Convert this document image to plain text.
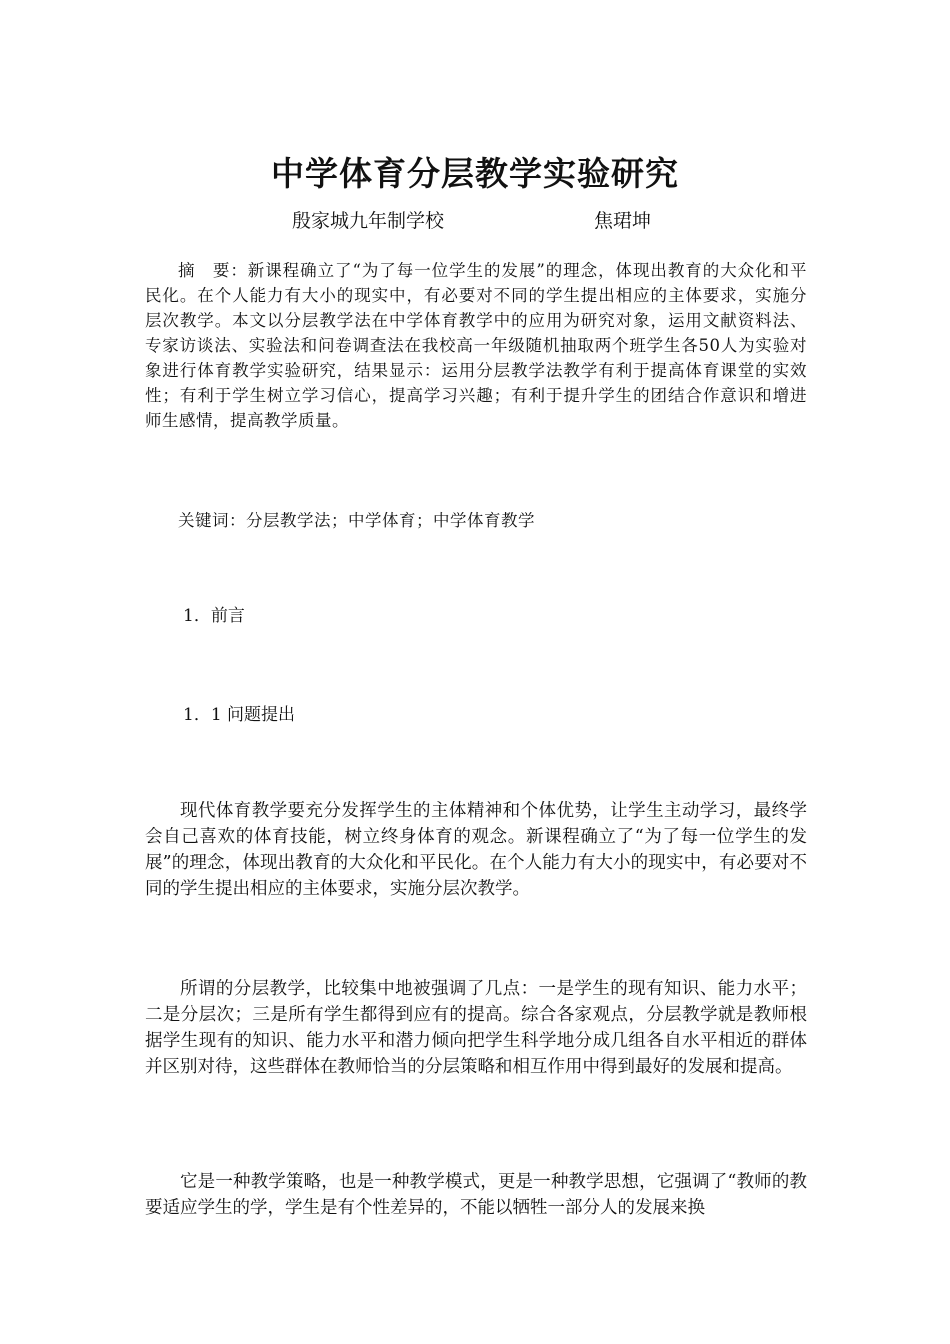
中学体育分层教学实验研究
殷家城九年制学校	焦珺坤

摘　要：新课程确立了“为了每一位学生的发展”的理念，体现出教育的大众化和平民化。在个人能力有大小的现实中，有必要对不同的学生提出相应的主体要求，实施分层次教学。本文以分层教学法在中学体育教学中的应用为研究对象，运用文献资料法、专家访谈法、实验法和问卷调查法在我校高一年级随机抽取两个班学生各50人为实验对象进行体育教学实验研究，结果显示：运用分层教学法教学有利于提高体育课堂的实效性；有利于学生树立学习信心，提高学习兴趣；有利于提升学生的团结合作意识和增进师生感情，提高教学质量。

关键词：分层教学法；中学体育；中学体育教学

1．前言
1．1 问题提出

现代体育教学要充分发挥学生的主体精神和个体优势，让学生主动学习，最终学会自己喜欢的体育技能，树立终身体育的观念。新课程确立了“为了每一位学生的发展”的理念，体现出教育的大众化和平民化。在个人能力有大小的现实中，有必要对不同的学生提出相应的主体要求，实施分层次教学。

所谓的分层教学，比较集中地被强调了几点：一是学生的现有知识、能力水平；二是分层次；三是所有学生都得到应有的提高。综合各家观点，分层教学就是教师根据学生现有的知识、能力水平和潜力倾向把学生科学地分成几组各自水平相近的群体并区别对待，这些群体在教师恰当的分层策略和相互作用中得到最好的发展和提高。

它是一种教学策略，也是一种教学模式，更是一种教学思想，它强调了“教师的教要适应学生的学，学生是有个性差异的，不能以牺牲一部分人的发展来换
